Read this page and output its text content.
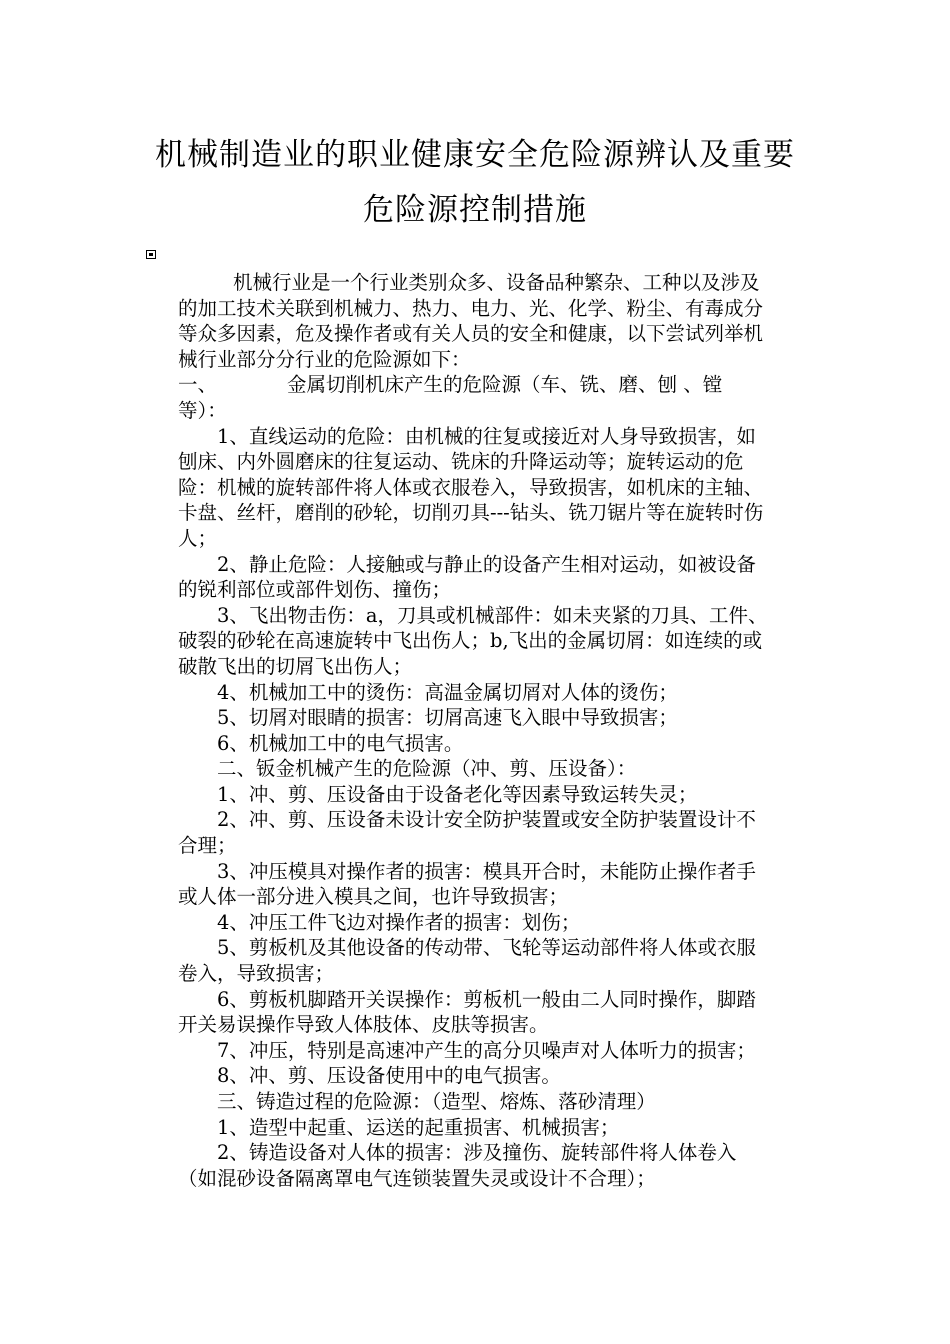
机械制造业的职业健康安全危险源辨认及重要危险源控制措施

机械行业是一个行业类别众多、设备品种繁杂、工种以及涉及的加工技术关联到机械力、热力、电力、光、化学、粉尘、有毒成分等众多因素，危及操作者或有关人员的安全和健康，以下尝试列举机械行业部分分行业的危险源如下：

一、	金属切削机床产生的危险源（车、铣、磨、刨 、镗等）：

1、直线运动的危险：由机械的往复或接近对人身导致损害，如刨床、内外圆磨床的往复运动、铣床的升降运动等；旋转运动的危险：机械的旋转部件将人体或衣服卷入，导致损害，如机床的主轴、卡盘、丝杆，磨削的砂轮，切削刃具---钻头、铣刀锯片等在旋转时伤人；

2、静止危险：人接触或与静止的设备产生相对运动，如被设备的锐利部位或部件划伤、撞伤；

3、飞出物击伤：a，刀具或机械部件：如未夹紧的刀具、工件、破裂的砂轮在高速旋转中飞出伤人；b,飞出的金属切屑：如连续的或破散飞出的切屑飞出伤人；

4、机械加工中的烫伤：高温金属切屑对人体的烫伤；

5、切屑对眼睛的损害：切屑高速飞入眼中导致损害；

6、机械加工中的电气损害。

二、钣金机械产生的危险源（冲、剪、压设备）：

1、冲、剪、压设备由于设备老化等因素导致运转失灵；

2、冲、剪、压设备未设计安全防护装置或安全防护装置设计不合理；

3、冲压模具对操作者的损害：模具开合时，未能防止操作者手或人体一部分进入模具之间，也许导致损害；

4、冲压工件飞边对操作者的损害：划伤；

5、剪板机及其他设备的传动带、飞轮等运动部件将人体或衣服卷入，导致损害；

6、剪板机脚踏开关误操作：剪板机一般由二人同时操作，脚踏开关易误操作导致人体肢体、皮肤等损害。

7、冲压，特别是高速冲产生的高分贝噪声对人体听力的损害；

8、冲、剪、压设备使用中的电气损害。

三、铸造过程的危险源：（造型、熔炼、落砂清理）

1、造型中起重、运送的起重损害、机械损害；

2、铸造设备对人体的损害：涉及撞伤、旋转部件将人体卷入（如混砂设备隔离罩电气连锁装置失灵或设计不合理）；
